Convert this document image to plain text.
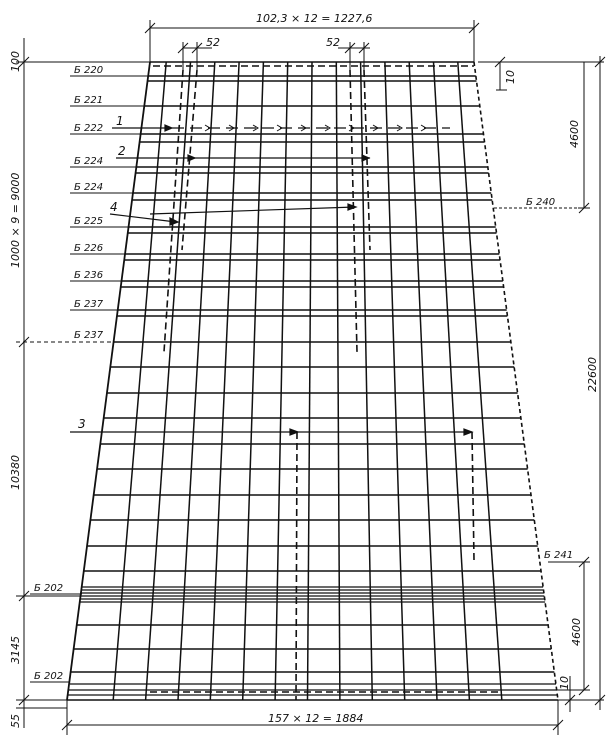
102,3 × 12 = 1227,6
52	52
157 × 12 = 1884
100
1000 × 9 = 9000
10380
3145
55
10
4600
22600
4600
10
Б 220
Б 221
Б 222
Б 224
Б 224
Б 225
Б 226
Б 236
Б 237
Б 237
Б 202
Б 202
Б 240
Б 241
1
2
3
4
